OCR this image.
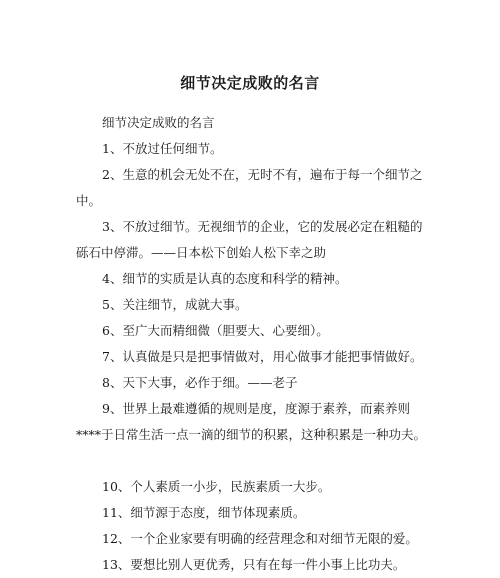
细节决定成败的名言
细节决定成败的名言
1、不放过任何细节。
2、生意的机会无处不在，无时不有，遍布于每一个细节之
中。
3、不放过细节。无视细节的企业，它的发展必定在粗糙的
砾石中停滞。——日本松下创始人松下幸之助
4、细节的实质是认真的态度和科学的精神。
5、关注细节，成就大事。
6、至广大而精细微（胆要大、心要细）。
7、认真做是只是把事情做对，用心做事才能把事情做好。
8、天下大事，必作于细。——老子
9、世界上最难遵循的规则是度，度源于素养，而素养则
****于日常生活一点一滴的细节的积累，这种积累是一种功夫。
10、个人素质一小步，民族素质一大步。
11、细节源于态度，细节体现素质。
12、一个企业家要有明确的经营理念和对细节无限的爱。
13、要想比别人更优秀，只有在每一件小事上比功夫。
